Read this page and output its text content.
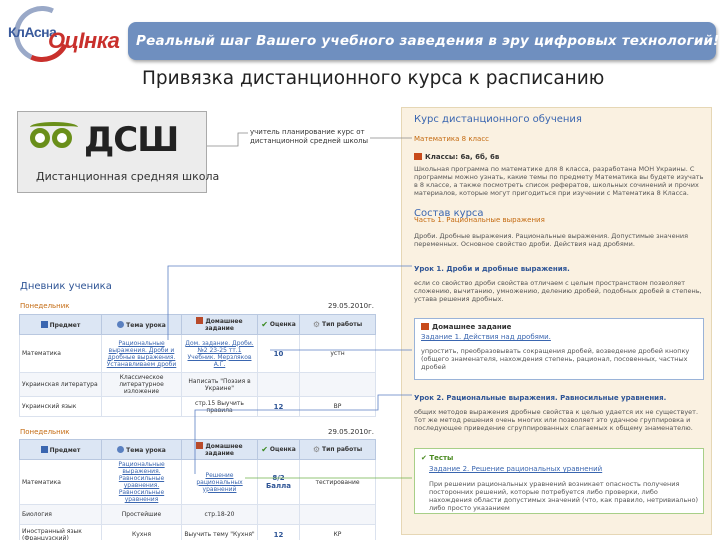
КлАсна
ОцІнка Реальный шаг Вашего учебного заведения в эру цифровых технологий!
Привязка дистанционного курса к расписанию
ДСШ
Дистанционная средняя школа
учитель планирование курс от дистанционной средней школы
Курс дистанционного обучения
Математика 8 класс
Классы: 6а, 6б, 6в
Школьная программа по математике для 8 класса, разработана МОН Украины. С программы можно узнать, какие темы по предмету Математика вы будете изучать в 8 классе, а также посмотреть список рефератов, школьных сочинений и прочих материалов, которые могут пригодиться при изучении с Математика 8 Класса.
Состав курса
Часть 1. Рациональные выражения
Дроби. Дробные выражения. Рациональные выражения. Допустимые значения переменных. Основное свойство дроби. Действия над дробями.
Урок 1. Дроби и дробные выражения.
если со свойство дроби свойства отличаем с целым пространством позволяет сложению, вычитанию, умножению, делению дробей, подобных дробей в степень, устава решения дробных.
Домашнее задание
Задание 1. Действия над дробями.
упростить, преобразовывать сокращения дробей, возведение дробей кнопку (общего знаменателя, нахождения степень, рационал, посовенных, частных дробей
Урок 2. Рациональные выражения. Равносильные уравнения.
общих методов выражения дробные свойства к целью удается их не существует. Тот же метод решения очень многих или позволяет это удачное группировка и последующее приведение сгруппированных слагаемых к общему знаменателю.
✔ Тесты
Задание 2. Решение рациональных уравнений
При решении рациональных уравнений возникает опасность получения посторонних решений, которые потребуется либо проверки, либо нахождения области допустимых значений (что, как правило, нетривиально) либо просто указанием
Дневник ученика
Понедельник	29.05.2010г.
Предмет	Тема урока	Домашнее задание	✔ Оценка	⚙ Тип работы
Математика	Рациональные выражения. Дроби и дробные выражения. Устанавливаем дроби	Дом. задание. Дроби. №2 23-25 тт.1 Учебник. Мерзляков А.Г.	10	устн
Украинская литература	Классическое литературное изложение	Написать "Поэзия в Украине"		
Украинский язык		стр.15 Выучить правила	12	ВР
Понедельник	29.05.2010г.
Предмет	Тема урока	Домашнее задание	✔ Оценка	⚙ Тип работы
Математика	Рациональные выражения. Равносильные уравнения. Равносильные уравнения	Решение рациональных уравнений	8/2 Балла	тестирование
Биология	Простейшие	стр.18-20		
Иностранный язык (Французский)	Кухня	Выучить тему "Кухня"	12	КР
